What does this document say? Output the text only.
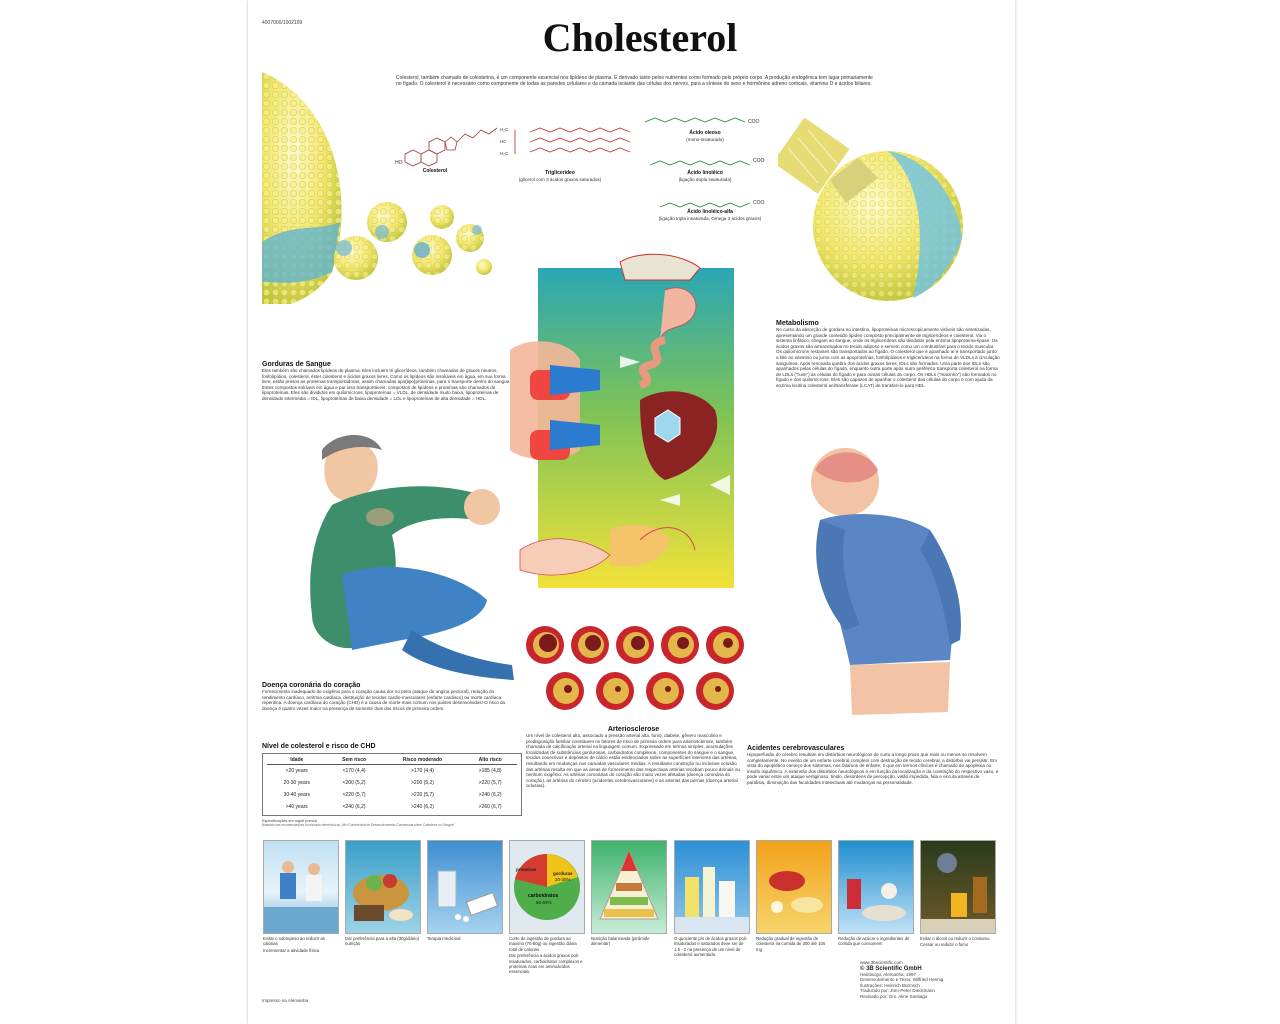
4007000/1002169	Cholesterol
Colesterol, também chamado de colesterina, é um componente essencial nos lipídeos de plasma. É derivado tanto pelos nutrientes como formado pelo próprio corpo. A produção endogênica tem lugar primariamente no fígado. O colesterol é necessário como componente de todas as paredes celulares e da camada isolante das células dos nervos, para a síntese do sexo e hormônios adreno corticais, vitamina D e ácidos biliares.
HO
H₂C
HC
H₂C
COO
COO
COO
Colesterol	Triglicerídeo
(glicerol com 3 ácidos graxos saturados)
Ácido oleoso
(mono-insaturado)
Ácido linoléico
(ligação dupla insaturada)
Ácido linoléico-alfa
(ligação tripla insaturada, Omega 3 ácidos graxos)
Gorduras de Sangue
Eles também são chamados lipídeos de plasma. Eles incluem tri glicerídeos, também chamados de graxos neutros, fosfolipídios, colesterol, éster colesterol e ácidos graxos livres. Como os lipídeos são insolúveis em água, em sua forma livre, estão presos as proteínas transportadoras, assim chamadas apo(lipo)proteínas, para o transporte dentro do sangue. Estes compostos solúveis em água e por isso transportáveis, compostos de lipídeos e proteínas são chamados de lipoproteínas. Eles são divididos em quilomícrons, lipoproteínas = VLDL, de densidade muito baixa, lipoproteínas de densidade intermédia = IDL, lipoproteínas de baixa densidade = LDL e lipoproteínas de alta densidade = HDL.
Metabolismo
No curso da absorção de gordura no intestino, lipoproteínas microscopicamente visíveis são sintetizadas, apresentando um grande conteúdo lipídeo composto principalmente de triglicerídeos e colesterol. Via o sistema linfático, chegam ao sangue, onde os triglicerídeos são divididos pela enzima lipoproteína-lipase. Os ácidos graxos são armazenados no tecido adiposo e servem como um combustível para o tecido muscular. Os quilomícrons restantes são transportados ao fígado. O colesterol que é apanhado aí é transportado junto a bile ao intestino ou junto com as apoproteínas, fosfolipídeos e triglicerídeos na forma de VLDLs à circulação sanguínea. Após renovada quebra dos ácidos graxos livres, IDLs são formados. Uma parte dos IDLs são apanhados pelas células do fígado, enquanto outra parte após outro periférico transporta colesterol na forma de LDLs ("ruim") às células do fígado e para outras células do corpo. Os HDLs ("macinho") são formados no fígado e dos quilomícrons. Eles são capazes de apanhar o colesterol das células do corpo e com ajuda da enzima lecitina colesterol aciltransferase (LCAT) de transferi-lo para HDL.
Doença coronária do coração
Fornecimento inadequado de oxigênio para o coração causa dor no peito (ataque de angina pectoral), redução do rendimento cardíaco, arritmia cardíaca, destruição de tecidos cardio-musculares (enfarte cardíaco) ou morte cardíaca repentina. A doença cardíaca do coração (CHD) é a causa de morte mais comum nos países desenvolvidos! O risco da doença é quatro vezes maior na presença de somente dois dos riscos de primeira ordem.
Arteriosclerose
Um nível de colesterol alto, associado a pressão arterial alta, fumo, diabete, gênero masculino e predisposição familiar constituem os fatores de risco de primeira ordem para arteriosclerose, também chamada de calcificação arterial na linguagem comum. Expressado em termos simples, acumulações focalizadas de substâncias gordurosas, carboidratos complexos, componentes do sangue e o sangue, tecidos conectivos e depósitos de cálcio estão evidenciados sobre as superfícies interiores das artérias, resultando em mudanças nas camadas vasculares médias. A resultante constrição ou inclusive oclusão das artérias resulta em que as áreas de fornecimento das respectivas artérias recebam pouco demais ou nenhum oxigênio. As artérias coronárias do coração são muito vezes afetadas (doença coronária do coração), as artérias do cérebro (acidentes cerebrovasculares) e as artérias das pernas (doença arterial oclusiva).
Acidentes cerebrovasculares
Hipoperfusão do cérebro resultam em distúrbios neurológicos de curto a longo prazo que mais ou menos se resolvem completamente. No evento de um enfarte cerebral completo com destruição de tecido cerebral, a distúrbio vai persistir. Em vista do apoplético começo dos sintomas, nos falamos de enfarte, o que em termos clínicos é chamado de apoplexia ou insulto isquêmico. A extensão dos distúrbios neurológicos é em função da localização e da constrição do respectivo vaso, e pode variar entre um ataque vertiginoso, tinido, desordens de percepção, visão impedida, fala e escuta através de paralisia, diminuição das faculdades intelectuais até mudanças na personalidade.
Nível de colesterol e risco de CHD
Idade	Sem risco	Risco moderado	Alto risco
<20 years	<170 (4,4)	>170 (4,4)	>185 (4,8)
20-30 years	<200 (5,2)	>200 (5,2)	>220 (5,7)
30-40 years	<220 (5,7)	>220 (5,7)	>240 (6,2)
>40 years	<240 (6,2)	>240 (6,2)	>260 (6,7)
Especificações em mg/dl (mmol)
Baseado nas recomendações do elevado referência do „NIH Conferência de Desenvolvimento Consensual sobre Colesterol no Sangue"
proteínas
gorduras
20-30%
carboidratos
50-60%
Evitar o sobrepeso ao reduzir as calorias
Incrementar a atividade física
Dar preferência para a alta (30g/diário) nutrição
Terapia medicinal	Corte de ingestão de gordura ao máximo (70-80g) ou ingestão diária total de calorias
Dar preferência a ácidos graxos poli-insaturados, carboidratos complexos e proteínas ricas em aminoácidos essenciais.
Nutrição balanceada (pirâmide alimentar)
O quociente p/s de ácidos graxos poli-insaturados e saturados deve ser de 1,5 - 2 na presença de um nível de colesterol aumentado.
Redução gradual de ingestão de colesterol na comida de 300 até 100 mg
Redução de açúcar e ingredientes de comida que consomem
Evitar o álcool ou reduzir o consumo
Cessar ou reduzir o fumo
Impresso na Alemanha
www.3bscientific.com
© 3B Scientific GmbH
Hamburgo, Alemanha, 1997
Desenvolvimento e Texto: Wilfried Hennig
Ilustrações: Heinrich Bürmsch
Traduzido por: Jürn-Peter Dieckmann
Revisado por: Drs. Aline Santiago
